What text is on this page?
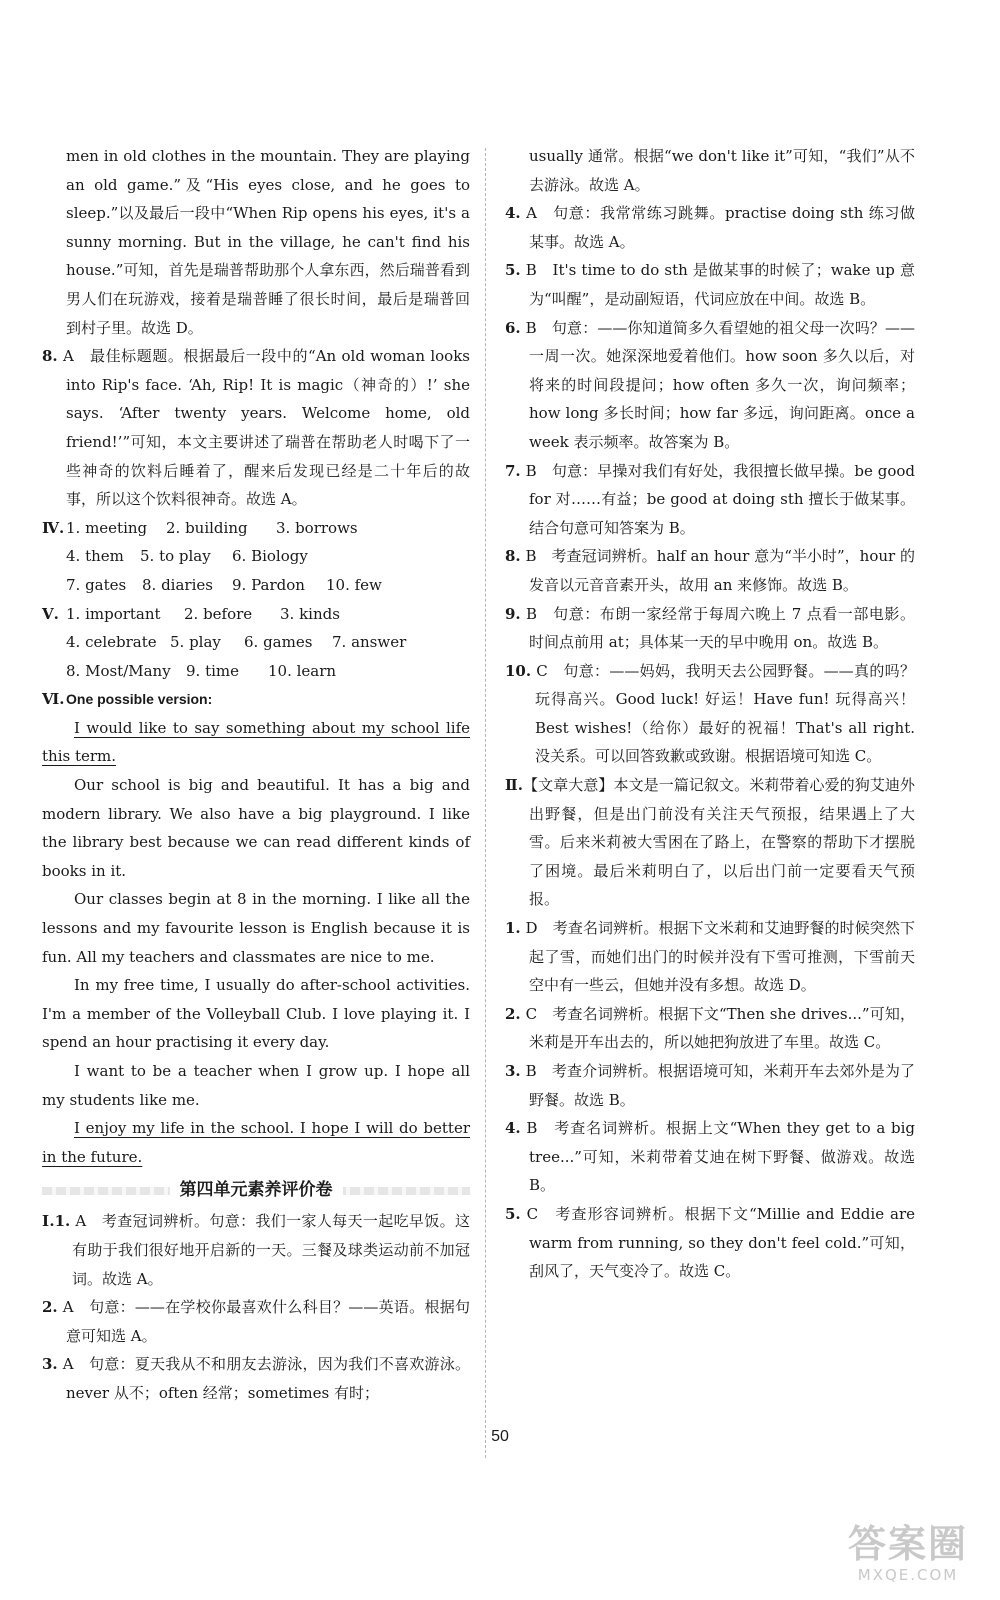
men in old clothes in the mountain. They are playing an old game.”及“His eyes close, and he goes to sleep.”以及最后一段中“When Rip opens his eyes, it's a sunny morning. But in the village, he can't find his house.”可知，首先是瑞普帮助那个人拿东西，然后瑞普看到男人们在玩游戏，接着是瑞普睡了很长时间，最后是瑞普回到村子里。故选 D。

8. A　最佳标题题。根据最后一段中的“An old woman looks into Rip's face. ‘Ah, Rip! It is magic（神奇的）!’ she says. ‘After twenty years. Welcome home, old friend!’”可知，本文主要讲述了瑞普在帮助老人时喝下了一些神奇的饮料后睡着了，醒来后发现已经是二十年后的故事，所以这个饮料很神奇。故选 A。

Ⅳ. 1. meeting	2. building	3. borrows
4. them	5. to play	6. Biology
7. gates	8. diaries	9. Pardon	10. few
Ⅴ. 1. important	2. before	3. kinds
4. celebrate 5. play	6. games	7. answer
8. Most/Many	9. time	10. learn
Ⅵ. One possible version:

I would like to say something about my school life this term.

Our school is big and beautiful. It has a big and modern library. We also have a big playground. I like the library best because we can read different kinds of books in it.

Our classes begin at 8 in the morning. I like all the lessons and my favourite lesson is English because it is fun. All my teachers and classmates are nice to me.

In my free time, I usually do after-school activities. I'm a member of the Volleyball Club. I love playing it. I spend an hour practising it every day.

I want to be a teacher when I grow up. I hope all my students like me.

I enjoy my life in the school. I hope I will do better in the future.

第四单元素养评价卷

Ⅰ.1. A　考查冠词辨析。句意：我们一家人每天一起吃早饭。这有助于我们很好地开启新的一天。三餐及球类运动前不加冠词。故选 A。

2. A　句意：——在学校你最喜欢什么科目？——英语。根据句意可知选 A。

3. A　句意：夏天我从不和朋友去游泳，因为我们不喜欢游泳。never 从不；often 经常；sometimes 有时；

usually 通常。根据“we don't like it”可知，“我们”从不去游泳。故选 A。

4. A　句意：我常常练习跳舞。practise doing sth 练习做某事。故选 A。

5. B　It's time to do sth 是做某事的时候了；wake up 意为“叫醒”，是动副短语，代词应放在中间。故选 B。

6. B　句意：——你知道简多久看望她的祖父母一次吗？——一周一次。她深深地爱着他们。how soon 多久以后，对将来的时间段提问；how often 多久一次，询问频率；how long 多长时间；how far 多远，询问距离。once a week 表示频率。故答案为 B。

7. B　句意：早操对我们有好处，我很擅长做早操。be good for 对……有益；be good at doing sth 擅长于做某事。结合句意可知答案为 B。

8. B　考查冠词辨析。half an hour 意为“半小时”，hour 的发音以元音音素开头，故用 an 来修饰。故选 B。

9. B　句意：布朗一家经常于每周六晚上 7 点看一部电影。时间点前用 at；具体某一天的早中晚用 on。故选 B。

10. C　句意：——妈妈，我明天去公园野餐。——真的吗？玩得高兴。Good luck! 好运！Have fun! 玩得高兴！Best wishes!（给你）最好的祝福！That's all right. 没关系。可以回答致歉或致谢。根据语境可知选 C。

Ⅱ.【文章大意】本文是一篇记叙文。米莉带着心爱的狗艾迪外出野餐，但是出门前没有关注天气预报，结果遇上了大雪。后来米莉被大雪困在了路上，在警察的帮助下才摆脱了困境。最后米莉明白了，以后出门前一定要看天气预报。

1. D　考查名词辨析。根据下文米莉和艾迪野餐的时候突然下起了雪，而她们出门的时候并没有下雪可推测，下雪前天空中有一些云，但她并没有多想。故选 D。

2. C　考查名词辨析。根据下文“Then she drives...”可知，米莉是开车出去的，所以她把狗放进了车里。故选 C。

3. B　考查介词辨析。根据语境可知，米莉开车去郊外是为了野餐。故选 B。

4. B　考查名词辨析。根据上文“When they get to a big tree...”可知，米莉带着艾迪在树下野餐、做游戏。故选 B。

5. C　考查形容词辨析。根据下文“Millie and Eddie are warm from running, so they don't feel cold.”可知，刮风了，天气变冷了。故选 C。

50
答案圈
MXQE.COM
